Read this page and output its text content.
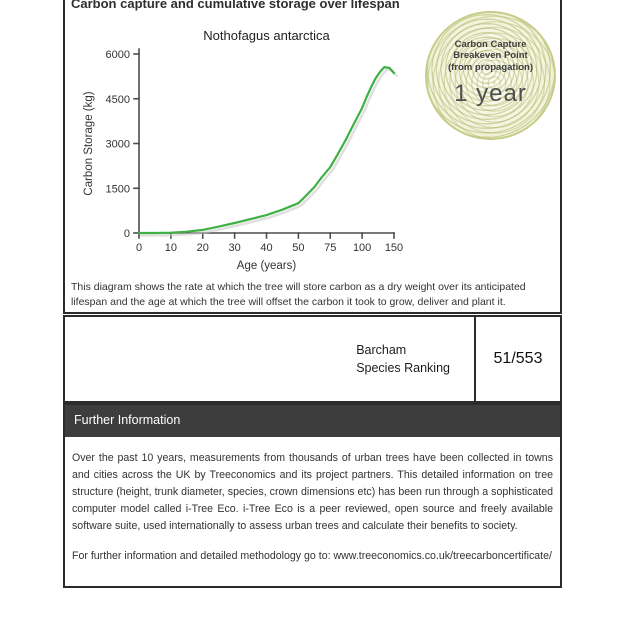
Carbon capture and cumulative storage over lifespan
Nothofagus antarctica
Age (years)
Carbon Storage (kg)
0
1500
3000
4500
6000
0 10 20 30 40 50 75 100 150
Carbon Capture
Breakeven Point
(from propagation)
1 year

This diagram shows the rate at which the tree will store carbon as a dry weight over its anticipated lifespan and the age at which the tree will offset the carbon it took to grow, deliver and plant it.

Barcham
Species Ranking
51/553
Further Information

Over the past 10 years, measurements from thousands of urban trees have been collected in towns and cities across the UK by Treeconomics and its project partners. This detailed information on tree structure (height, trunk diameter, species, crown dimensions etc) has been run through a sophisticated computer model called i-Tree Eco. i-Tree Eco is a peer reviewed, open source and freely available software suite, used internationally to assess urban trees and calculate their benefits to society.

For further information and detailed methodology go to: www.treeconomics.co.uk/treecarboncertificate/
